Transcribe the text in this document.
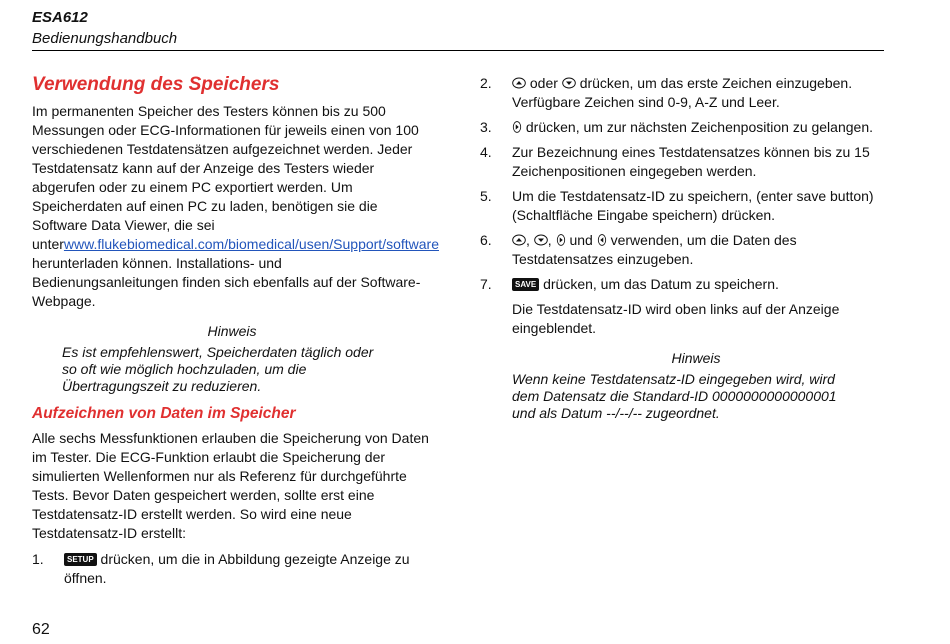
ESA612
Bedienungshandbuch
Verwendung des Speichers

Im permanenten Speicher des Testers können bis zu 500 Messungen oder ECG-Informationen für jeweils einen von 100 verschiedenen Testdatensätzen aufgezeichnet werden. Jeder Testdatensatz kann auf der Anzeige des Testers wieder abgerufen oder zu einem PC exportiert werden. Um Speicherdaten auf einen PC zu laden, benötigen sie die Software Data Viewer, die sei unterwww.flukebiomedical.com/biomedical/usen/Support/software herunterladen können. Installations- und Bedienungsanleitungen finden sich ebenfalls auf der Software-Webpage.

Hinweis
Es ist empfehlenswert, Speicherdaten täglich oder so oft wie möglich hochzuladen, um die Übertragungszeit zu reduzieren.
Aufzeichnen von Daten im Speicher

Alle sechs Messfunktionen erlauben die Speicherung von Daten im Tester. Die ECG-Funktion erlaubt die Speicherung der simulierten Wellenformen nur als Referenz für durchgeführte Tests. Bevor Daten gespeichert werden, sollte erst eine Testdatensatz-ID erstellt werden. So wird eine neue Testdatensatz-ID erstellt:

1.	SETUP drücken, um die in Abbildung gezeigte Anzeige zu öffnen.
2.	oder  drücken, um das erste Zeichen einzugeben. Verfügbare Zeichen sind 0-9, A-Z und Leer.
3.	drücken, um zur nächsten Zeichenposition zu gelangen.
4.	Zur Bezeichnung eines Testdatensatzes können bis zu 15 Zeichenpositionen eingegeben werden.
5.	Um die Testdatensatz-ID zu speichern, (enter save button) (Schaltfläche Eingabe speichern) drücken.
6.	, ,  und  verwenden, um die Daten des Testdatensatzes einzugeben.
7.	SAVE drücken, um das Datum zu speichern.

Die Testdatensatz-ID wird oben links auf der Anzeige eingeblendet.

Hinweis
Wenn keine Testdatensatz-ID eingegeben wird, wird dem Datensatz die Standard-ID 0000000000000001 und als Datum --/--/-- zugeordnet.
62
